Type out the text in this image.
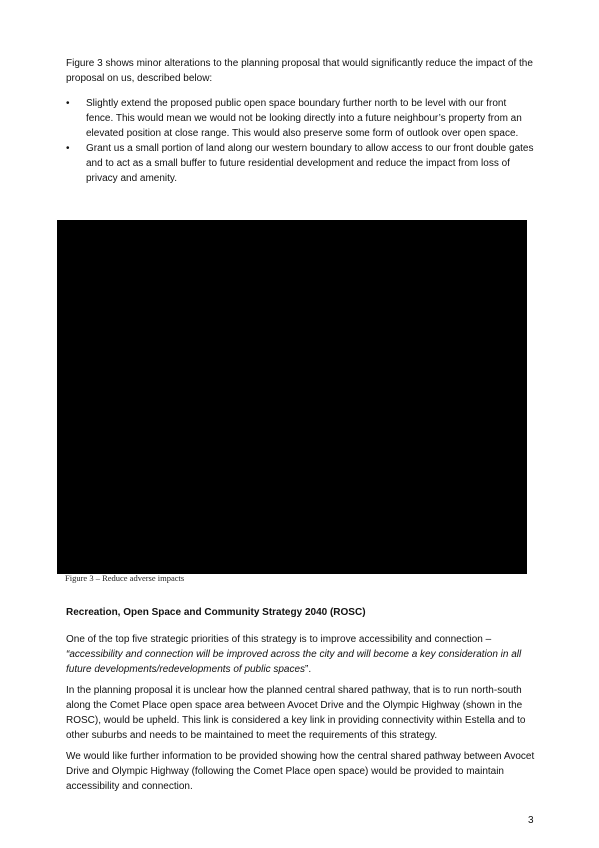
Figure 3 shows minor alterations to the planning proposal that would significantly reduce the impact of the proposal on us, described below:

• Slightly extend the proposed public open space boundary further north to be level with our front fence. This would mean we would not be looking directly into a future neighbour’s property from an elevated position at close range. This would also preserve some form of outlook over open space.
• Grant us a small portion of land along our western boundary to allow access to our front double gates and to act as a small buffer to future residential development and reduce the impact from loss of privacy and amenity.
Figure 3 – Reduce adverse impacts
Recreation, Open Space and Community Strategy 2040 (ROSC)

One of the top five strategic priorities of this strategy is to improve accessibility and connection – “accessibility and connection will be improved across the city and will become a key consideration in all future developments/redevelopments of public spaces”.

In the planning proposal it is unclear how the planned central shared pathway, that is to run north-south along the Comet Place open space area between Avocet Drive and the Olympic Highway (shown in the ROSC), would be upheld. This link is considered a key link in providing connectivity within Estella and to other suburbs and needs to be maintained to meet the requirements of this strategy.

We would like further information to be provided showing how the central shared pathway between Avocet Drive and Olympic Highway (following the Comet Place open space) would be provided to maintain accessibility and connection.

3
